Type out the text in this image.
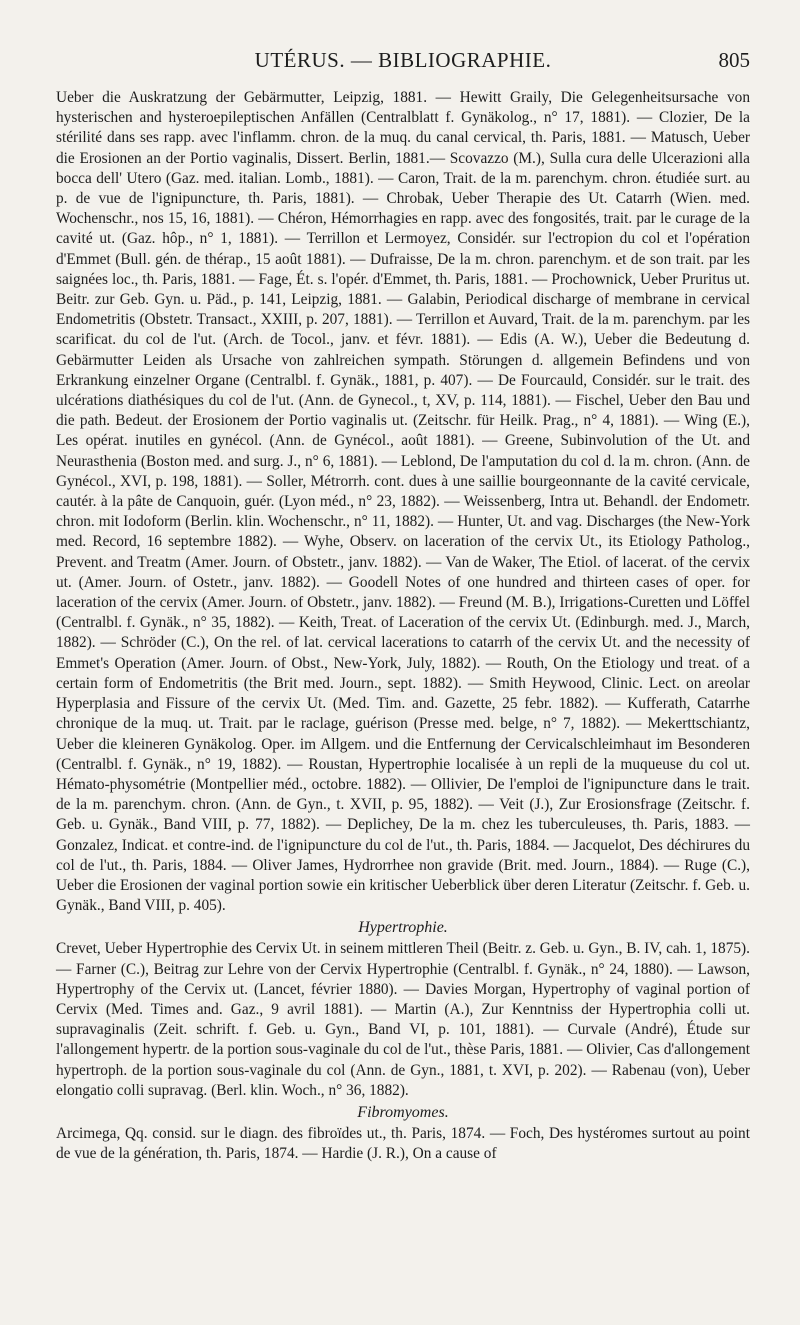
UTÉRUS. — BIBLIOGRAPHIE.	805

Ueber die Auskratzung der Gebärmutter, Leipzig, 1881. — Hewitt Graily, Die Gelegenheitsursache von hysterischen and hysteroepileptischen Anfällen (Centralblatt f. Gynäkolog., n° 17, 1881). — Clozier, De la stérilité dans ses rapp. avec l'inflamm. chron. de la muq. du canal cervical, th. Paris, 1881. — Matusch, Ueber die Erosionen an der Portio vaginalis, Dissert. Berlin, 1881.— Scovazzo (M.), Sulla cura delle Ulcerazioni alla bocca dell' Utero (Gaz. med. italian. Lomb., 1881). — Caron, Trait. de la m. parenchym. chron. étudiée surt. au p. de vue de l'ignipuncture, th. Paris, 1881). — Chrobak, Ueber Therapie des Ut. Catarrh (Wien. med. Wochenschr., nos 15, 16, 1881). — Chéron, Hémorrhagies en rapp. avec des fongosités, trait. par le curage de la cavité ut. (Gaz. hôp., n° 1, 1881). — Terrillon et Lermoyez, Considér. sur l'ectropion du col et l'opération d'Emmet (Bull. gén. de thérap., 15 août 1881). — Dufraisse, De la m. chron. parenchym. et de son trait. par les saignées loc., th. Paris, 1881. — Fage, Ét. s. l'opér. d'Emmet, th. Paris, 1881. — Prochownick, Ueber Pruritus ut. Beitr. zur Geb. Gyn. u. Päd., p. 141, Leipzig, 1881. — Galabin, Periodical discharge of membrane in cervical Endometritis (Obstetr. Transact., XXIII, p. 207, 1881). — Terrillon et Auvard, Trait. de la m. parenchym. par les scarificat. du col de l'ut. (Arch. de Tocol., janv. et févr. 1881). — Edis (A. W.), Ueber die Bedeutung d. Gebärmutter Leiden als Ursache von zahlreichen sympath. Störungen d. allgemein Befindens und von Erkrankung einzelner Organe (Centralbl. f. Gynäk., 1881, p. 407). — De Fourcauld, Considér. sur le trait. des ulcérations diathésiques du col de l'ut. (Ann. de Gynecol., t, XV, p. 114, 1881). — Fischel, Ueber den Bau und die path. Bedeut. der Erosionem der Portio vaginalis ut. (Zeitschr. für Heilk. Prag., n° 4, 1881). — Wing (E.), Les opérat. inutiles en gynécol. (Ann. de Gynécol., août 1881). — Greene, Subinvolution of the Ut. and Neurasthenia (Boston med. and surg. J., n° 6, 1881). — Leblond, De l'amputation du col d. la m. chron. (Ann. de Gynécol., XVI, p. 198, 1881). — Soller, Métrorrh. cont. dues à une saillie bourgeonnante de la cavité cervicale, cautér. à la pâte de Canquoin, guér. (Lyon méd., n° 23, 1882). — Weissenberg, Intra ut. Behandl. der Endometr. chron. mit Iodoform (Berlin. klin. Wochenschr., n° 11, 1882). — Hunter, Ut. and vag. Discharges (the New-York med. Record, 16 septembre 1882). — Wyhe, Observ. on laceration of the cervix Ut., its Etiology Patholog., Prevent. and Treatm (Amer. Journ. of Obstetr., janv. 1882). — Van de Waker, The Etiol. of lacerat. of the cervix ut. (Amer. Journ. of Ostetr., janv. 1882). — Goodell Notes of one hundred and thirteen cases of oper. for laceration of the cervix (Amer. Journ. of Obstetr., janv. 1882). — Freund (M. B.), Irrigations-Curetten und Löffel (Centralbl. f. Gynäk., n° 35, 1882). — Keith, Treat. of Laceration of the cervix Ut. (Edinburgh. med. J., March, 1882). — Schröder (C.), On the rel. of lat. cervical lacerations to catarrh of the cervix Ut. and the necessity of Emmet's Operation (Amer. Journ. of Obst., New-York, July, 1882). — Routh, On the Etiology und treat. of a certain form of Endometritis (the Brit med. Journ., sept. 1882). — Smith Heywood, Clinic. Lect. on areolar Hyperplasia and Fissure of the cervix Ut. (Med. Tim. and. Gazette, 25 febr. 1882). — Kufferath, Catarrhe chronique de la muq. ut. Trait. par le raclage, guérison (Presse med. belge, n° 7, 1882). — Mekerttschiantz, Ueber die kleineren Gynäkolog. Oper. im Allgem. und die Entfernung der Cervicalschleimhaut im Besonderen (Centralbl. f. Gynäk., n° 19, 1882). — Roustan, Hypertrophie localisée à un repli de la muqueuse du col ut. Hémato-physométrie (Montpellier méd., octobre. 1882). — Ollivier, De l'emploi de l'ignipuncture dans le trait. de la m. parenchym. chron. (Ann. de Gyn., t. XVII, p. 95, 1882). — Veit (J.), Zur Erosionsfrage (Zeitschr. f. Geb. u. Gynäk., Band VIII, p. 77, 1882). — Deplichey, De la m. chez les tuberculeuses, th. Paris, 1883. — Gonzalez, Indicat. et contre-ind. de l'ignipuncture du col de l'ut., th. Paris, 1884. — Jacquelot, Des déchirures du col de l'ut., th. Paris, 1884. — Oliver James, Hydrorrhee non gravide (Brit. med. Journ., 1884). — Ruge (C.), Ueber die Erosionen der vaginal portion sowie ein kritischer Ueberblick über deren Literatur (Zeitschr. f. Geb. u. Gynäk., Band VIII, p. 405).

Hypertrophie.

Crevet, Ueber Hypertrophie des Cervix Ut. in seinem mittleren Theil (Beitr. z. Geb. u. Gyn., B. IV, cah. 1, 1875). — Farner (C.), Beitrag zur Lehre von der Cervix Hypertrophie (Centralbl. f. Gynäk., n° 24, 1880). — Lawson, Hypertrophy of the Cervix ut. (Lancet, février 1880). — Davies Morgan, Hypertrophy of vaginal portion of Cervix (Med. Times and. Gaz., 9 avril 1881). — Martin (A.), Zur Kenntniss der Hypertrophia colli ut. supravaginalis (Zeit. schrift. f. Geb. u. Gyn., Band VI, p. 101, 1881). — Curvale (André), Étude sur l'allongement hypertr. de la portion sous-vaginale du col de l'ut., thèse Paris, 1881. — Olivier, Cas d'allongement hypertroph. de la portion sous-vaginale du col (Ann. de Gyn., 1881, t. XVI, p. 202). — Rabenau (von), Ueber elongatio colli supravag. (Berl. klin. Woch., n° 36, 1882).

Fibromyomes.

Arcimega, Qq. consid. sur le diagn. des fibroïdes ut., th. Paris, 1874. — Foch, Des hystéromes surtout au point de vue de la génération, th. Paris, 1874. — Hardie (J. R.), On a cause of
